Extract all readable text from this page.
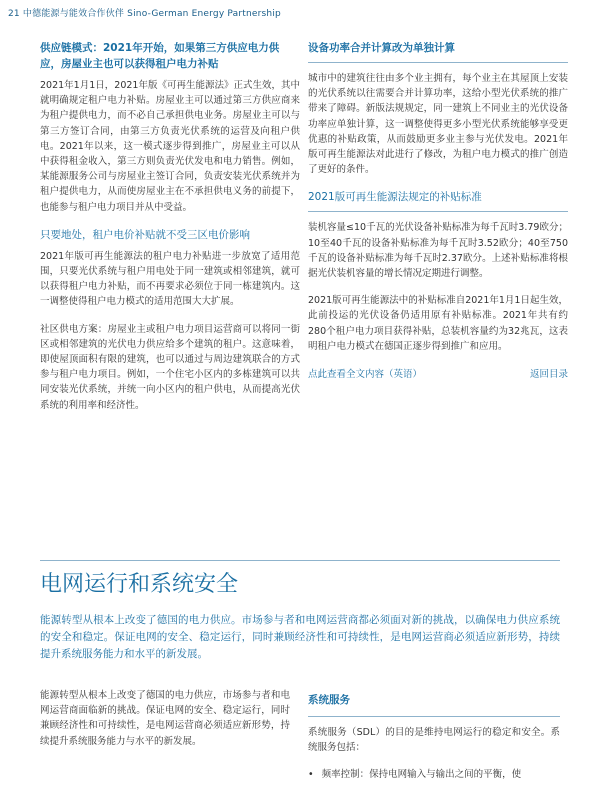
21 中德能源与能效合作伙伴 Sino-German Energy Partnership
供应链模式：2021年开始，如果第三方供应电力供应，房屋业主也可以获得租户电力补贴
2021年1月1日，2021年版《可再生能源法》正式生效，其中就明确规定租户电力补贴。房屋业主可以通过第三方供应商来为租户提供电力，而不必自己承担供电业务。房屋业主可以与第三方签订合同，由第三方负责光伏系统的运营及向租户供电。2021年以来，这一模式逐步得到推广，房屋业主可以从中获得租金收入，第三方则负责光伏发电和电力销售。例如，某能源服务公司与房屋业主签订合同，负责安装光伏系统并为租户提供电力，从而使房屋业主在不承担供电义务的前提下，也能参与租户电力项目并从中受益。
只要地处，租户电价补贴就不受三区电价影响
2021年版可再生能源法的租户电力补贴进一步放宽了适用范围，只要光伏系统与租户用电处于同一建筑或相邻建筑，就可以获得租户电力补贴，而不再要求必须位于同一栋建筑内。这一调整使得租户电力模式的适用范围大大扩展。
社区供电方案：房屋业主或租户电力项目运营商可以将同一街区或相邻建筑的光伏电力供应给多个建筑的租户。这意味着，即使屋顶面积有限的建筑，也可以通过与周边建筑联合的方式参与租户电力项目。例如，一个住宅小区内的多栋建筑可以共同安装光伏系统，并统一向小区内的租户供电，从而提高光伏系统的利用率和经济性。
设备功率合并计算改为单独计算
城市中的建筑往往由多个业主拥有，每个业主在其屋顶上安装的光伏系统以往需要合并计算功率，这给小型光伏系统的推广带来了障碍。新版法规规定，同一建筑上不同业主的光伏设备功率应单独计算，这一调整使得更多小型光伏系统能够享受更优惠的补贴政策，从而鼓励更多业主参与光伏发电。2021年版可再生能源法对此进行了修改，为租户电力模式的推广创造了更好的条件。
2021版可再生能源法规定的补贴标准
装机容量≤10千瓦的光伏设备补贴标准为每千瓦时3.79欧分；10至40千瓦的设备补贴标准为每千瓦时3.52欧分；40至750千瓦的设备补贴标准为每千瓦时2.37欧分。上述补贴标准将根据光伏装机容量的增长情况定期进行调整。
2021版可再生能源法中的补贴标准自2021年1月1日起生效，此前投运的光伏设备仍适用原有补贴标准。2021年共有约280个租户电力项目获得补贴，总装机容量约为32兆瓦，这表明租户电力模式在德国正逐步得到推广和应用。
点此查看全文内容（英语）	返回目录
电网运行和系统安全
能源转型从根本上改变了德国的电力供应。市场参与者和电网运营商都必须面对新的挑战，以确保电力供应系统的安全和稳定。保证电网的安全、稳定运行，同时兼顾经济性和可持续性，是电网运营商必须适应新形势，持续提升系统服务能力和水平的新发展。
能源转型从根本上改变了德国的电力供应，市场参与者和电网运营商面临新的挑战。保证电网的安全、稳定运行，同时兼顾经济性和可持续性，是电网运营商必须适应新形势，持续提升系统服务能力与水平的新发展。
系统服务
系统服务（SDL）的目的是维持电网运行的稳定和安全。系统服务包括：
• 频率控制：保持电网输入与输出之间的平衡，使
